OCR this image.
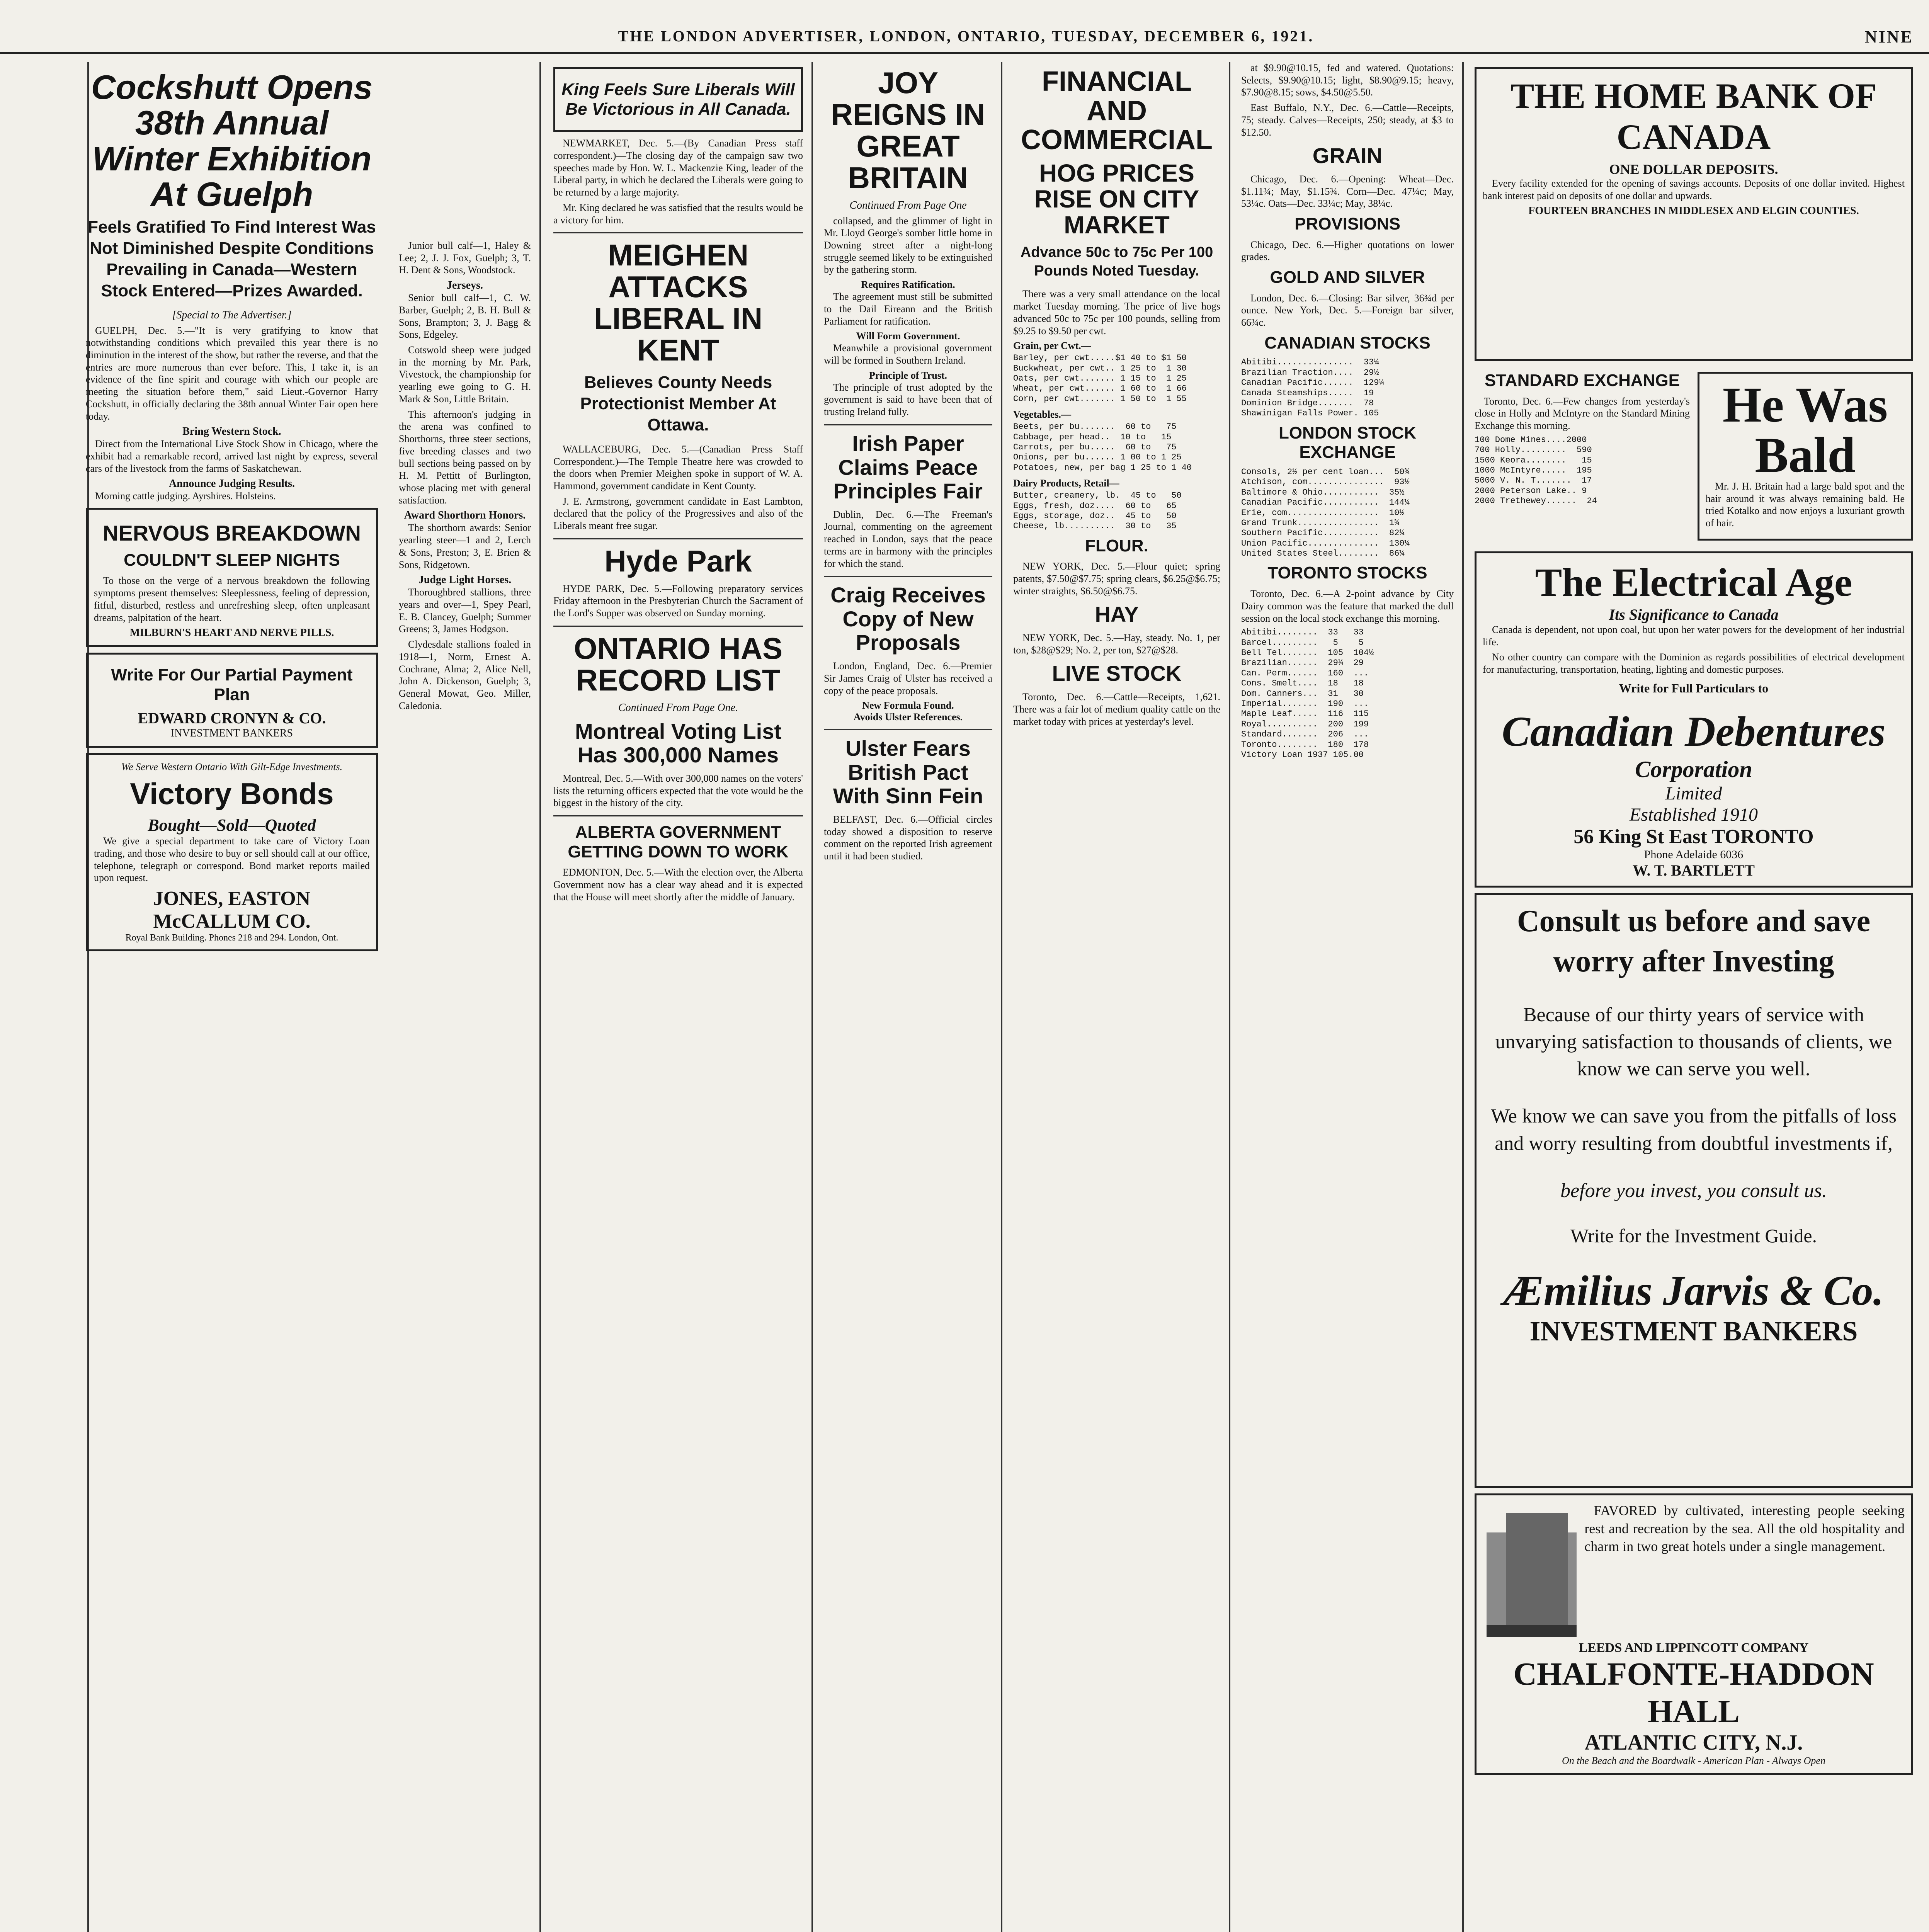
THE LONDON ADVERTISER, LONDON, ONTARIO, TUESDAY, DECEMBER 6, 1921.	NINE
Cockshutt Opens 38th Annual Winter Exhibition At Guelph
Feels Gratified To Find Interest Was Not Diminished Despite Conditions Prevailing in Canada—Western Stock Entered—Prizes Awarded.
[Special to The Advertiser.]

GUELPH, Dec. 5.—"It is very gratifying to know that notwithstanding conditions which prevailed this year there is no diminution in the interest of the show, but rather the reverse, and that the entries are more numerous than ever before. This, I take it, is an evidence of the fine spirit and courage with which our people are meeting the situation before them," said Lieut.-Governor Harry Cockshutt, in officially declaring the 38th annual Winter Fair open here today.

Bring Western Stock.

Direct from the International Live Stock Show in Chicago, where the exhibit had a remarkable record, arrived last night by express, several cars of the livestock from the farms of Saskatchewan.

Announce Judging Results.

Morning cattle judging. Ayrshires. Holsteins.

NERVOUS BREAKDOWN
COULDN'T SLEEP NIGHTS

To those on the verge of a nervous breakdown the following symptoms present themselves: Sleeplessness, feeling of depression, fitful, disturbed, restless and unrefreshing sleep, often unpleasant dreams, palpitation of the heart.

MILBURN'S HEART AND NERVE PILLS.
Write For Our Partial Payment Plan
EDWARD CRONYN & CO.
INVESTMENT BANKERS
We Serve Western Ontario With Gilt-Edge Investments.
Victory Bonds
Bought—Sold—Quoted

We give a special department to take care of Victory Loan trading, and those who desire to buy or sell should call at our office, telephone, telegraph or correspond. Bond market reports mailed upon request.

JONES, EASTON McCALLUM CO.
Royal Bank Building. Phones 218 and 294. London, Ont.

Junior bull calf—1, Haley & Lee; 2, J. J. Fox, Guelph; 3, T. H. Dent & Sons, Woodstock.

Jerseys.

Senior bull calf—1, C. W. Barber, Guelph; 2, B. H. Bull & Sons, Brampton; 3, J. Bagg & Sons, Edgeley.

Cotswold sheep were judged in the morning by Mr. Park, Vivestock, the championship for yearling ewe going to G. H. Mark & Son, Little Britain.

This afternoon's judging in the arena was confined to Shorthorns, three steer sections, five breeding classes and two bull sections being passed on by H. M. Pettitt of Burlington, whose placing met with general satisfaction.

Award Shorthorn Honors.

The shorthorn awards: Senior yearling steer—1 and 2, Lerch & Sons, Preston; 3, E. Brien & Sons, Ridgetown.

Judge Light Horses.

Thoroughbred stallions, three years and over—1, Spey Pearl, E. B. Clancey, Guelph; Summer Greens; 3, James Hodgson.

Clydesdale stallions foaled in 1918—1, Norm, Ernest A. Cochrane, Alma; 2, Alice Nell, John A. Dickenson, Guelph; 3, General Mowat, Geo. Miller, Caledonia.

King Feels Sure Liberals Will Be Victorious in All Canada.

NEWMARKET, Dec. 5.—(By Canadian Press staff correspondent.)—The closing day of the campaign saw two speeches made by Hon. W. L. Mackenzie King, leader of the Liberal party, in which he declared the Liberals were going to be returned by a large majority.

Mr. King declared he was satisfied that the results would be a victory for him.

MEIGHEN ATTACKS LIBERAL IN KENT
Believes County Needs Protectionist Member At Ottawa.

WALLACEBURG, Dec. 5.—(Canadian Press Staff Correspondent.)—The Temple Theatre here was crowded to the doors when Premier Meighen spoke in support of W. A. Hammond, government candidate in Kent County.

J. E. Armstrong, government candidate in East Lambton, declared that the policy of the Progressives and also of the Liberals meant free sugar.

Hyde Park

HYDE PARK, Dec. 5.—Following preparatory services Friday afternoon in the Presbyterian Church the Sacrament of the Lord's Supper was observed on Sunday morning.

ONTARIO HAS RECORD LIST
Continued From Page One.
Montreal Voting List Has 300,000 Names

Montreal, Dec. 5.—With over 300,000 names on the voters' lists the returning officers expected that the vote would be the biggest in the history of the city.

ALBERTA GOVERNMENT GETTING DOWN TO WORK

EDMONTON, Dec. 5.—With the election over, the Alberta Government now has a clear way ahead and it is expected that the House will meet shortly after the middle of January.

JOY REIGNS IN GREAT BRITAIN
Continued From Page One

collapsed, and the glimmer of light in Mr. Lloyd George's somber little home in Downing street after a night-long struggle seemed likely to be extinguished by the gathering storm.

Requires Ratification.

The agreement must still be submitted to the Dail Eireann and the British Parliament for ratification.

Will Form Government.

Meanwhile a provisional government will be formed in Southern Ireland.

Principle of Trust.

The principle of trust adopted by the government is said to have been that of trusting Ireland fully.

Irish Paper Claims Peace Principles Fair

Dublin, Dec. 6.—The Freeman's Journal, commenting on the agreement reached in London, says that the peace terms are in harmony with the principles for which the stand.

Craig Receives Copy of New Proposals

London, England, Dec. 6.—Premier Sir James Craig of Ulster has received a copy of the peace proposals.

New Formula Found.
Avoids Ulster References.
Ulster Fears British Pact With Sinn Fein

BELFAST, Dec. 6.—Official circles today showed a disposition to reserve comment on the reported Irish agreement until it had been studied.

FINANCIAL AND COMMERCIAL
HOG PRICES RISE ON CITY MARKET
Advance 50c to 75c Per 100 Pounds Noted Tuesday.

There was a very small attendance on the local market Tuesday morning. The price of live hogs advanced 50c to 75c per 100 pounds, selling from $9.25 to $9.50 per cwt.

Grain, per Cwt.—
Barley, per cwt.....$1 40 to $1 50
Buckwheat, per cwt.. 1 25 to  1 30
Oats, per cwt....... 1 15 to  1 25
Wheat, per cwt...... 1 60 to  1 66
Corn, per cwt....... 1 50 to  1 55
Vegetables.—
Beets, per bu.......  60 to   75
Cabbage, per head..  10 to   15
Carrots, per bu.....  60 to   75
Onions, per bu...... 1 00 to 1 25
Potatoes, new, per bag 1 25 to 1 40
Dairy Products, Retail—
Butter, creamery, lb.  45 to   50
Eggs, fresh, doz....  60 to   65
Eggs, storage, doz..  45 to   50
Cheese, lb..........  30 to   35
FLOUR.

NEW YORK, Dec. 5.—Flour quiet; spring patents, $7.50@$7.75; spring clears, $6.25@$6.75; winter straights, $6.50@$6.75.

HAY

NEW YORK, Dec. 5.—Hay, steady. No. 1, per ton, $28@$29; No. 2, per ton, $27@$28.

LIVE STOCK

Toronto, Dec. 6.—Cattle—Receipts, 1,621. There was a fair lot of medium quality cattle on the market today with prices at yesterday's level.

at $9.90@10.15, fed and watered. Quotations: Selects, $9.90@10.15; light, $8.90@9.15; heavy, $7.90@8.15; sows, $4.50@5.50.

East Buffalo, N.Y., Dec. 6.—Cattle—Receipts, 75; steady. Calves—Receipts, 250; steady, at $3 to $12.50.

GRAIN

Chicago, Dec. 6.—Opening: Wheat—Dec. $1.11¾; May, $1.15¾. Corn—Dec. 47¼c; May, 53¼c. Oats—Dec. 33¼c; May, 38¼c.

PROVISIONS

Chicago, Dec. 6.—Higher quotations on lower grades.

GOLD AND SILVER

London, Dec. 6.—Closing: Bar silver, 36¾d per ounce. New York, Dec. 5.—Foreign bar silver, 66¾c.

CANADIAN STOCKS
Abitibi...............  33¼
Brazilian Traction....  29½
Canadian Pacific......  129¼
Canada Steamships.....  19
Dominion Bridge.......  78
Shawinigan Falls Power. 105
LONDON STOCK EXCHANGE
Consols, 2½ per cent loan...  50¾
Atchison, com...............  93½
Baltimore & Ohio...........  35½
Canadian Pacific...........  144¼
Erie, com..................  10½
Grand Trunk................  1¾
Southern Pacific...........  82¼
Union Pacific..............  130¼
United States Steel........  86¼
TORONTO STOCKS

Toronto, Dec. 6.—A 2-point advance by City Dairy common was the feature that marked the dull session on the local stock exchange this morning.

Abitibi........  33   33
Barcel.........   5    5
Bell Tel.......  105  104½
Brazilian......  29¼  29
Can. Perm......  160  ...
Cons. Smelt....  18   18
Dom. Canners...  31   30
Imperial.......  190  ...
Maple Leaf.....  116  115
Royal..........  200  199
Standard.......  206  ...
Toronto........  180  178
Victory Loan 1937 105.00
THE HOME BANK OF CANADA
ONE DOLLAR DEPOSITS.

Every facility extended for the opening of savings accounts. Deposits of one dollar invited. Highest bank interest paid on deposits of one dollar and upwards.

FOURTEEN BRANCHES IN MIDDLESEX AND ELGIN COUNTIES.
STANDARD EXCHANGE

Toronto, Dec. 6.—Few changes from yesterday's close in Holly and McIntyre on the Standard Mining Exchange this morning.

100 Dome Mines....2000
700 Holly.........  590
1500 Keora........   15
1000 McIntyre.....  195
5000 V. N. T.......  17
2000 Peterson Lake.. 9
2000 Trethewey......  24
He Was Bald

Mr. J. H. Britain had a large bald spot and the hair around it was always remaining bald. He tried Kotalko and now enjoys a luxuriant growth of hair.

The Electrical Age
Its Significance to Canada

Canada is dependent, not upon coal, but upon her water powers for the development of her industrial life.

No other country can compare with the Dominion as regards possibilities of electrical development for manufacturing, transportation, heating, lighting and domestic purposes.

Write for Full Particulars to
Canadian Debentures
Corporation
Limited
Established 1910
56 King St East TORONTO
Phone Adelaide 6036
W. T. BARTLETT
Consult us before and save worry after Investing

Because of our thirty years of service with unvarying satisfaction to thousands of clients, we know we can serve you well.

We know we can save you from the pitfalls of loss and worry resulting from doubtful investments if,

before you invest, you consult us.

Write for the Investment Guide.

Æmilius Jarvis & Co.
INVESTMENT BANKERS

FAVORED by cultivated, interesting people seeking rest and recreation by the sea. All the old hospitality and charm in two great hotels under a single management.

LEEDS AND LIPPINCOTT COMPANY
CHALFONTE-HADDON HALL
ATLANTIC CITY, N.J.
On the Beach and the Boardwalk - American Plan - Always Open
